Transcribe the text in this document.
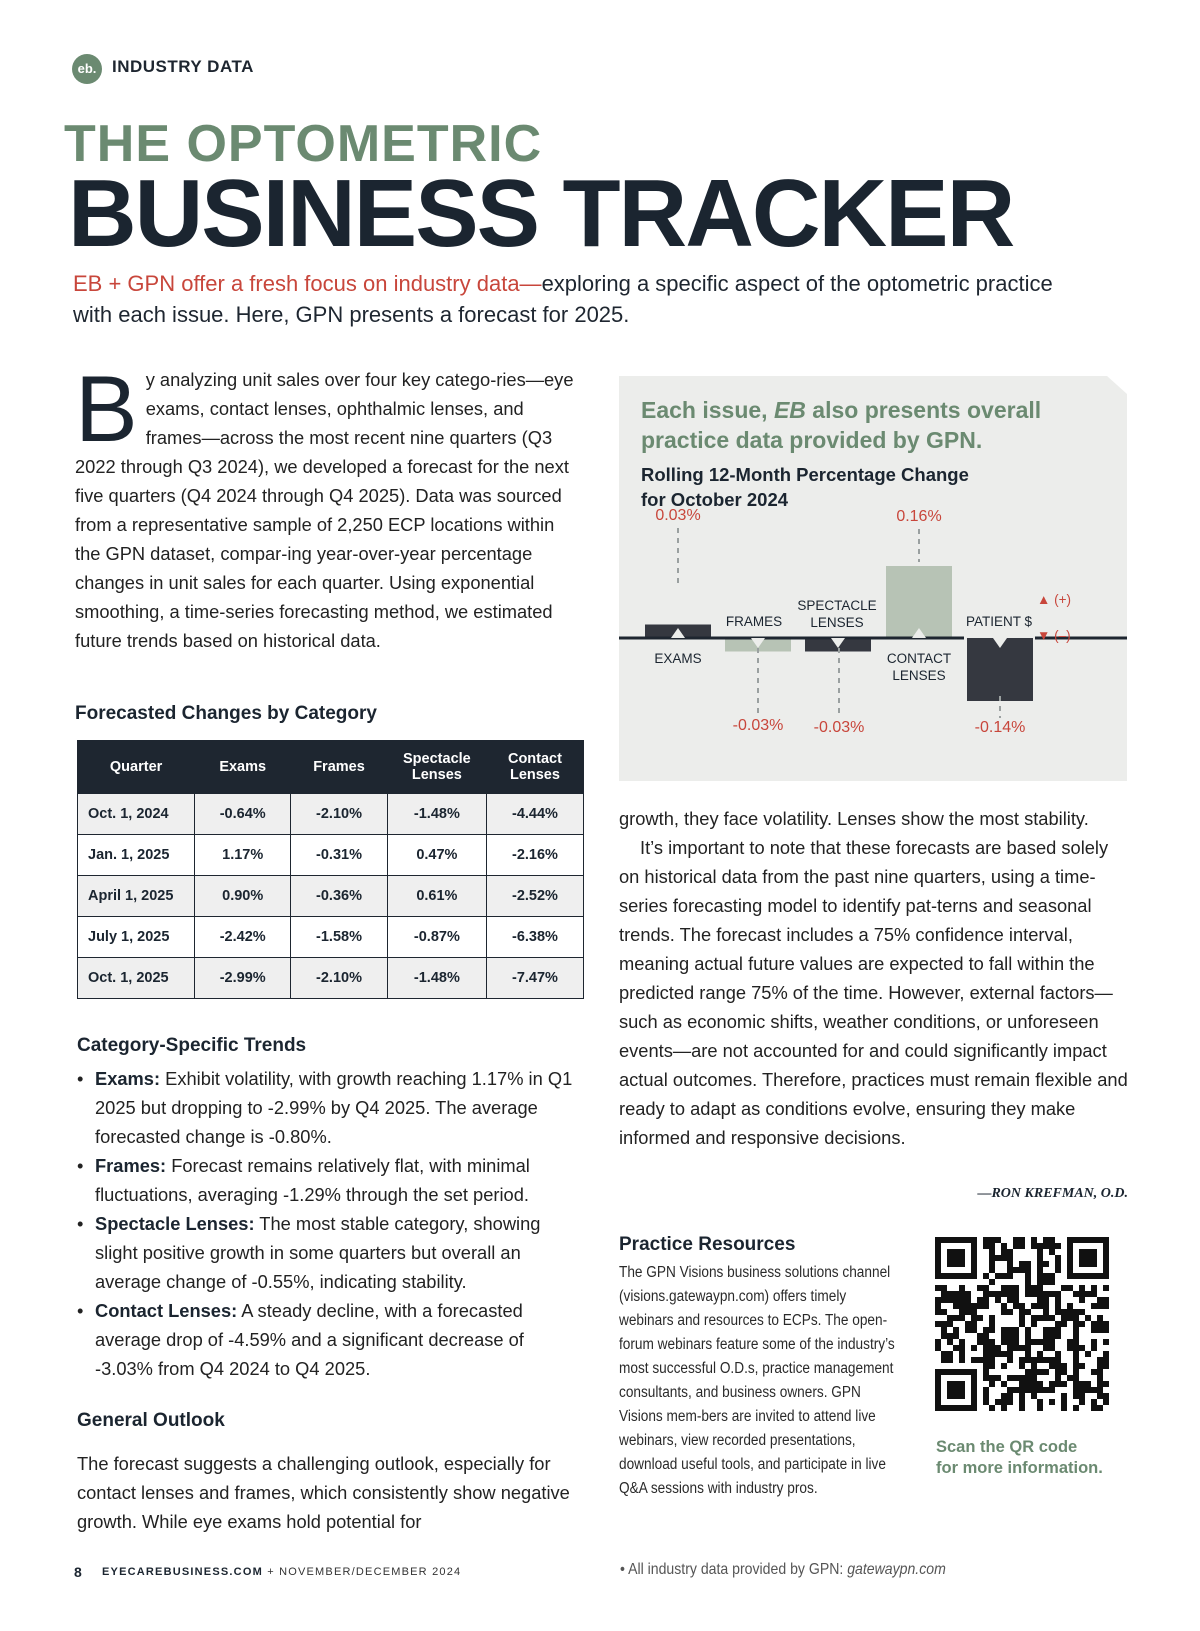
eb. INDUSTRY DATA
THE OPTOMETRIC
BUSINESS TRACKER
EB + GPN offer a fresh focus on industry data—exploring a specific aspect of the optometric practice with each issue. Here, GPN presents a forecast for 2025.
By analyzing unit sales over four key catego-ries—eye exams, contact lenses, ophthalmic lenses, and frames—across the most recent nine quarters (Q3 2022 through Q3 2024), we developed a forecast for the next five quarters (Q4 2024 through Q4 2025). Data was sourced from a representative sample of 2,250 ECP locations within the GPN dataset, compar-ing year-over-year percentage changes in unit sales for each quarter. Using exponential smoothing, a time-series forecasting method, we estimated future trends based on historical data.
Forecasted Changes by Category
Quarter	Exams	Frames	Spectacle Lenses	Contact Lenses
Oct. 1, 2024	-0.64%	-2.10%	-1.48%	-4.44%
Jan. 1, 2025	1.17%	-0.31%	0.47%	-2.16%
April 1, 2025	0.90%	-0.36%	0.61%	-2.52%
July 1, 2025	-2.42%	-1.58%	-0.87%	-6.38%
Oct. 1, 2025	-2.99%	-2.10%	-1.48%	-7.47%
Category-Specific Trends
• Exams: Exhibit volatility, with growth reaching 1.17% in Q1 2025 but dropping to -2.99% by Q4 2025. The average forecasted change is -0.80%.
• Frames: Forecast remains relatively flat, with minimal fluctuations, averaging -1.29% through the set period.
• Spectacle Lenses: The most stable category, showing slight positive growth in some quarters but overall an average change of -0.55%, indicating stability.
• Contact Lenses: A steady decline, with a forecasted average drop of -4.59% and a significant decrease of -3.03% from Q4 2024 to Q4 2025.
General Outlook
The forecast suggests a challenging outlook, especially for contact lenses and frames, which consistently show negative growth. While eye exams hold potential for
EXAMS
FRAMES
SPECTACLE
LENSES
CONTACT
LENSES
PATIENT $
0.03%
-0.03% -0.03%
0.16%
-0.14%
▲ (+)
▼ (–)
Each issue, EB also presents overall practice data provided by GPN.
Rolling 12-Month Percentage Change
for October 2024

growth, they face volatility. Lenses show the most stability.

It’s important to note that these forecasts are based solely on historical data from the past nine quarters, using a time-series forecasting model to identify pat-terns and seasonal trends. The forecast includes a 75% confidence interval, meaning actual future values are expected to fall within the predicted range 75% of the time. However, external factors—such as economic shifts, weather conditions, or unforeseen events—are not accounted for and could significantly impact actual outcomes. Therefore, practices must remain flexible and ready to adapt as conditions evolve, ensuring they make informed and responsive decisions.

—RON KREFMAN, O.D.
Practice Resources
The GPN Visions business solutions channel (visions.gatewaypn.com) offers timely webinars and resources to ECPs. The open-forum webinars feature some of the industry’s most successful O.D.s, practice management consultants, and business owners. GPN Visions mem-bers are invited to attend live webinars, view recorded presentations, download useful tools, and participate in live Q&A sessions with industry pros.
Scan the QR code
for more information.
8 EYECAREBUSINESS.COM + NOVEMBER/DECEMBER 2024	• All industry data provided by GPN: gatewaypn.com
